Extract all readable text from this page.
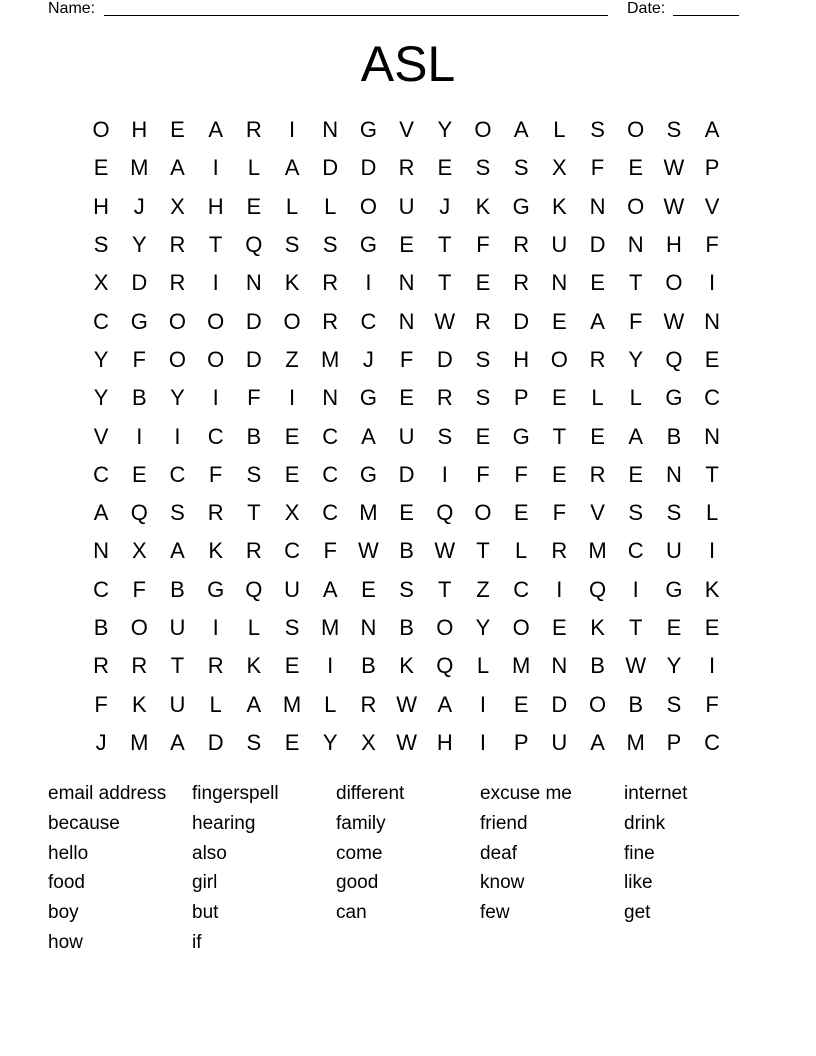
Name:	Date:
ASL
O H	E	A	R	I	N G	V	Y	O	A	L	S	O	S	A
E M A	I	L	A	D	D	R	E	S	S	X	F	E W P
H	J	X	H	E	L	L	O U	J	K	G	K	N O W V
S	Y	R	T	Q	S	S	G	E	T	F	R	U	D	N	H	F
X	D	R	I	N	K	R	I	N	T	E	R	N	E	T	O	I
C G O O D O R	C	N W R	D	E	A	F W N
Y	F	O O D	Z	M	J	F	D	S	H O R	Y	Q	E
Y	B	Y	I	F	I	N G	E	R	S	P	E	L	L	G C
V	I	I	C	B	E	C	A	U	S	E	G	T	E	A	B	N
C	E	C	F	S	E	C G D	I	F	F	E	R	E	N	T
A	Q	S	R	T	X	C M E	Q O	E	F	V	S	S	L
N	X	A	K	R	C	F W B W T	L	R M C	U	I
C	F	B	G Q U	A	E	S	T	Z	C	I	Q	I	G	K
B	O U	I	L	S M N	B	O	Y	O	E	K	T	E	E
R	R	T	R	K	E	I	B	K	Q	L	M N	B W Y	I
F	K	U	L	A M	L	R W A	I	E	D O	B	S	F
J	M A	D	S	E	Y	X W H	I	P	U	A M P	C
email address	fingerspell	different	excuse me	internet
because	hearing	family	friend	drink
hello	also	come	deaf	fine
food	girl	good	know	like
boy	but	can	few	get
how	if
